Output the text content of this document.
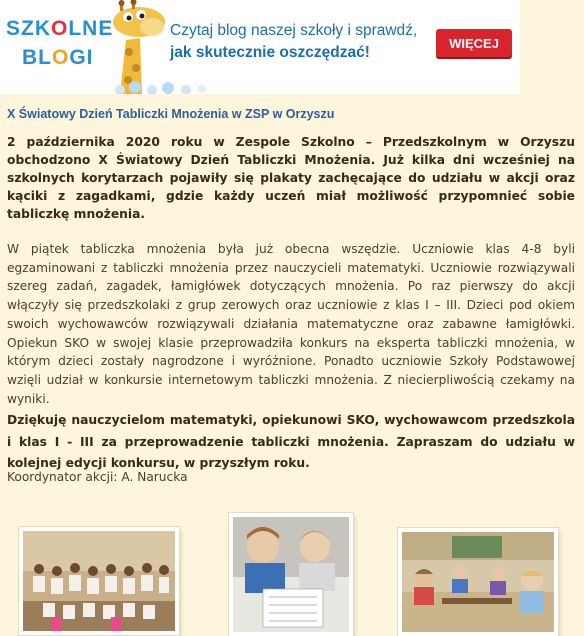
SZKOLNE
BLOGI
Czytaj blog naszej szkoły i sprawdź,
jak skutecznie oszczędzać!
WIĘCEJ
X Światowy Dzień Tabliczki Mnożenia w ZSP w Orzyszu
2 października 2020 roku w Zespole Szkolno – Przedszkolnym w Orzyszu obchodzono X Światowy Dzień Tabliczki Mnożenia. Już kilka dni wcześniej na szkolnych korytarzach pojawiły się plakaty zachęcające do udziału w akcji oraz kąciki z zagadkami, gdzie każdy uczeń miał możliwość przypomnieć sobie tabliczkę mnożenia.
W piątek tabliczka mnożenia była już obecna wszędzie. Uczniowie klas 4-8 byli egzaminowani z tabliczki mnożenia przez nauczycieli matematyki. Uczniowie rozwiązywali szereg zadań, zagadek, łamigłówek dotyczących mnożenia. Po raz pierwszy do akcji włączyły się przedszkolaki z grup zerowych oraz uczniowie z klas I – III. Dzieci pod okiem swoich wychowawców rozwiązywali działania matematyczne oraz zabawne łamigłówki. Opiekun SKO w swojej klasie przeprowadziła konkurs na eksperta tabliczki mnożenia, w którym dzieci zostały nagrodzone i wyróżnione. Ponadto uczniowie Szkoły Podstawowej wzięli udział w konkursie internetowym tabliczki mnożenia. Z niecierpliwością czekamy na wyniki.
Dziękuję nauczycielom matematyki, opiekunowi SKO, wychowawcom przedszkola i klas I - III za przeprowadzenie tabliczki mnożenia. Zapraszam do udziału w kolejnej edycji konkursu, w przyszłym roku.
Koordynator akcji: A. Narucka
